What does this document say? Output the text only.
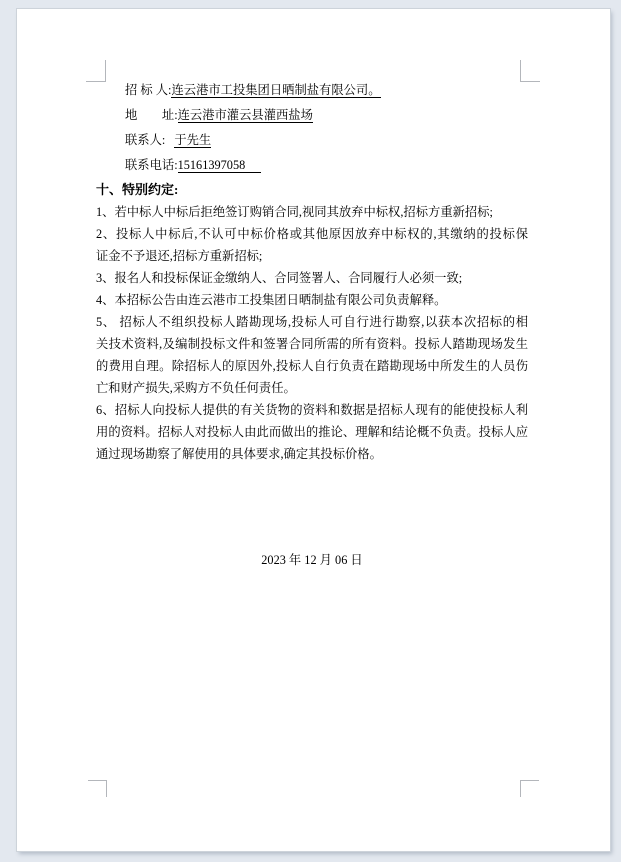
招 标 人:连云港市工投集团日晒制盐有限公司。
地　　址:连云港市灌云县灌西盐场
联系人: 于先生
联系电话:15161397058
十、特别约定:
1、若中标人中标后拒绝签订购销合同,视同其放弃中标权,招标方重新招标;
2、投标人中标后,不认可中标价格或其他原因放弃中标权的,其缴纳的投标保
证金不予退还,招标方重新招标;
3、报名人和投标保证金缴纳人、合同签署人、合同履行人必须一致;
4、本招标公告由连云港市工投集团日晒制盐有限公司负责解释。
5、 招标人不组织投标人踏勘现场,投标人可自行进行勘察,以获本次招标的相
关技术资料,及编制投标文件和签署合同所需的所有资料。投标人踏勘现场发生
的费用自理。除招标人的原因外,投标人自行负责在踏勘现场中所发生的人员伤
亡和财产损失,采购方不负任何责任。
6、招标人向投标人提供的有关货物的资料和数据是招标人现有的能使投标人利
用的资料。招标人对投标人由此而做出的推论、理解和结论概不负责。投标人应
通过现场勘察了解使用的具体要求,确定其投标价格。
2023 年 12 月 06 日
